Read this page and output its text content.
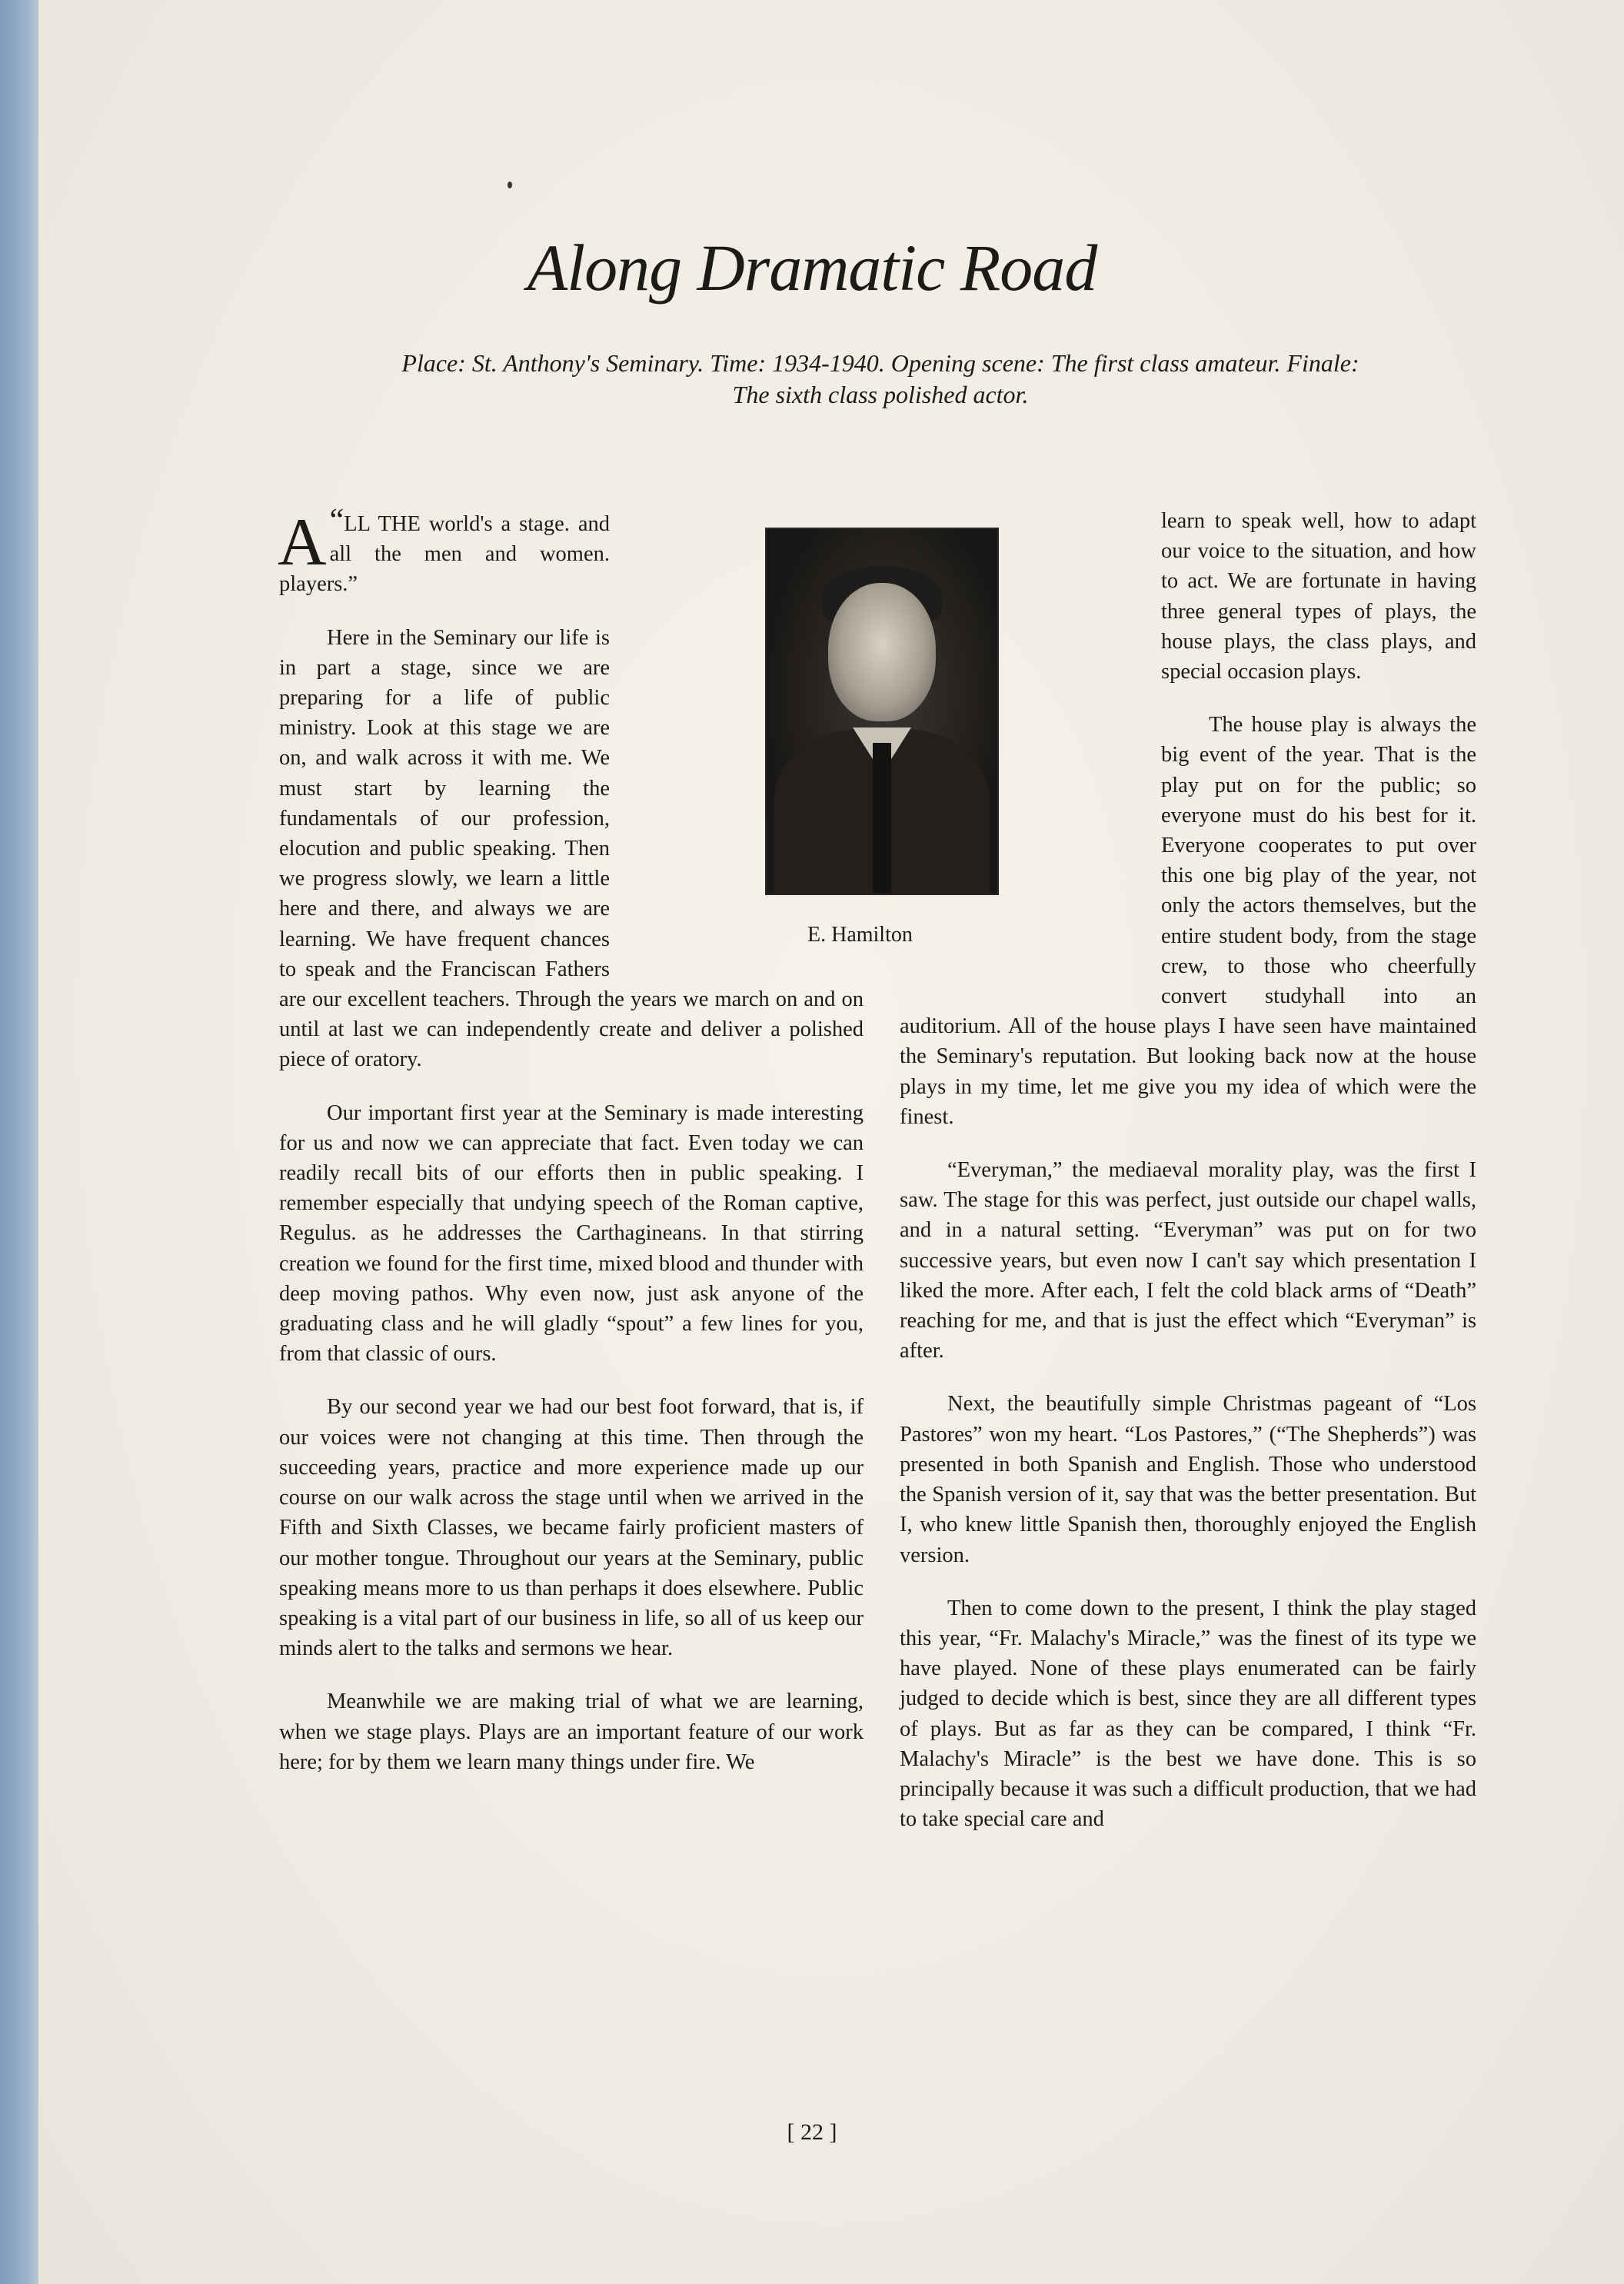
Along Dramatic Road

Place: St. Anthony's Seminary. Time: 1934-1940. Opening scene: The first class amateur. Finale: The sixth class polished actor.

E. Hamilton

“
A LL THE world's a stage. and all the men and women. players.”

Here in the Seminary our life is in part a stage, since we are preparing for a life of public ministry. Look at this stage we are on, and walk across it with me. We must start by learning the fundamentals of our profession, elocution and public speaking. Then we progress slowly, we learn a little here and there, and always we are learning. We have frequent chances to speak and the Franciscan Fathers are our excellent teachers. Through the years we march on and on until at last we can independently create and deliver a polished piece of oratory.

Our important first year at the Seminary is made interesting for us and now we can appreciate that fact. Even today we can readily recall bits of our efforts then in public speaking. I remember especially that undying speech of the Roman captive, Regulus. as he addresses the Carthagineans. In that stirring creation we found for the first time, mixed blood and thunder with deep moving pathos. Why even now, just ask anyone of the graduating class and he will gladly “spout” a few lines for you, from that classic of ours.

By our second year we had our best foot forward, that is, if our voices were not changing at this time. Then through the succeeding years, practice and more experience made up our course on our walk across the stage until when we arrived in the Fifth and Sixth Classes, we became fairly proficient masters of our mother tongue. Throughout our years at the Seminary, public speaking means more to us than perhaps it does elsewhere. Public speaking is a vital part of our business in life, so all of us keep our minds alert to the talks and sermons we hear.

Meanwhile we are making trial of what we are learning, when we stage plays. Plays are an important feature of our work here; for by them we learn many things under fire. We

learn to speak well, how to adapt our voice to the situation, and how to act. We are fortunate in having three general types of plays, the house plays, the class plays, and special occasion plays.

The house play is always the big event of the year. That is the play put on for the public; so everyone must do his best for it. Everyone cooperates to put over this one big play of the year, not only the actors themselves, but the entire student body, from the stage crew, to those who cheerfully convert studyhall into an auditorium. All of the house plays I have seen have maintained the Seminary's reputation. But looking back now at the house plays in my time, let me give you my idea of which were the finest.

“Everyman,” the mediaeval morality play, was the first I saw. The stage for this was perfect, just outside our chapel walls, and in a natural setting. “Everyman” was put on for two successive years, but even now I can't say which presentation I liked the more. After each, I felt the cold black arms of “Death” reaching for me, and that is just the effect which “Everyman” is after.

Next, the beautifully simple Christmas pageant of “Los Pastores” won my heart. “Los Pastores,” (“The Shepherds”) was presented in both Spanish and English. Those who understood the Spanish version of it, say that was the better presentation. But I, who knew little Spanish then, thoroughly enjoyed the English version.

Then to come down to the present, I think the play staged this year, “Fr. Malachy's Miracle,” was the finest of its type we have played. None of these plays enumerated can be fairly judged to decide which is best, since they are all different types of plays. But as far as they can be compared, I think “Fr. Malachy's Miracle” is the best we have done. This is so principally because it was such a difficult production, that we had to take special care and

[ 22 ]
